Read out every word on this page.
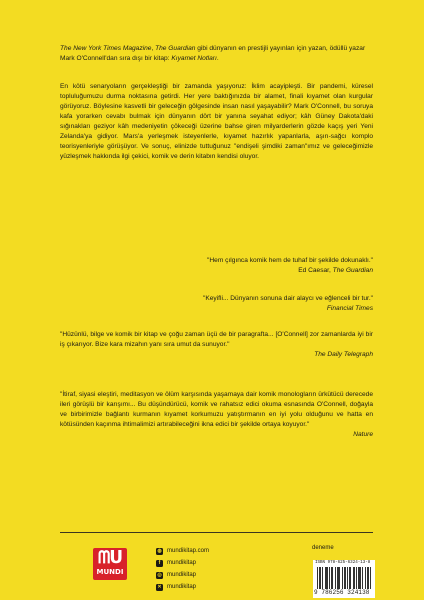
The New York Times Magazine, The Guardian gibi dünyanın en prestijli yayınları için yazan, ödüllü yazar Mark O'Connell'dan sıra dışı bir kitap: Kıyamet Notları.

En kötü senaryoların gerçekleştiği bir zamanda yaşıyoruz: İklim acayipleşti. Bir pandemi, küresel topluluğumuzu durma noktasına getirdi. Her yere baktığınızda bir alamet, finali kıyamet olan kurgular görüyoruz. Böylesine kasvetli bir geleceğin gölgesinde insan nasıl yaşayabilir? Mark O'Connell, bu soruya kafa yorarken cevabı bulmak için dünyanın dört bir yanına seyahat ediyor; kâh Güney Dakota'daki sığınakları geziyor kâh medeniyetin çökeceği üzerine bahse giren milyarderlerin gözde kaçış yeri Yeni Zelanda'ya gidiyor. Mars'a yerleşmek isteyenlerle, kıyamet hazırlık yapanlarla, aşırı-sağcı komplo teorisyenleriyle görüşüyor. Ve sonuç, elinizde tuttuğunuz "endişeli şimdiki zaman"ımız ve geleceğimizle yüzleşmek hakkında ilgi çekici, komik ve derin kitabın kendisi oluyor.

"Hem çılgınca komik hem de tuhaf bir şekilde dokunaklı."
Ed Caesar, The Guardian
"Keyifli... Dünyanın sonuna dair alaycı ve eğlenceli bir tur."
Financial Times
"Hüzünlü, bilge ve komik bir kitap ve çoğu zaman üçü de bir paragrafta... [O'Connell] zor zamanlarda iyi bir iş çıkarıyor. Bize kara mizahın yanı sıra umut da sunuyor."
The Daily Telegraph
"İtiraf, siyasi eleştiri, meditasyon ve ölüm karşısında yaşamaya dair komik monologların ürkütücü derecede ileri görüşlü bir karışımı... Bu düşündürücü, komik ve rahatsız edici okuma esnasında O'Connell, doğayla ve birbirimizle bağlantı kurmanın kıyamet korkumuzu yatıştırmanın en iyi yolu olduğunu ve hatta en kötüsünden kaçınma ihtimalimizi artırabileceğini ikna edici bir şekilde ortaya koyuyor."
Nature
ᗰᑌ
MUNDI
◍ mundikitap.com
f	mundikitap
◎ mundikitap
✕ mundikitap
deneme
ISBN 978-625-6324-13-8
9 786256 324138
